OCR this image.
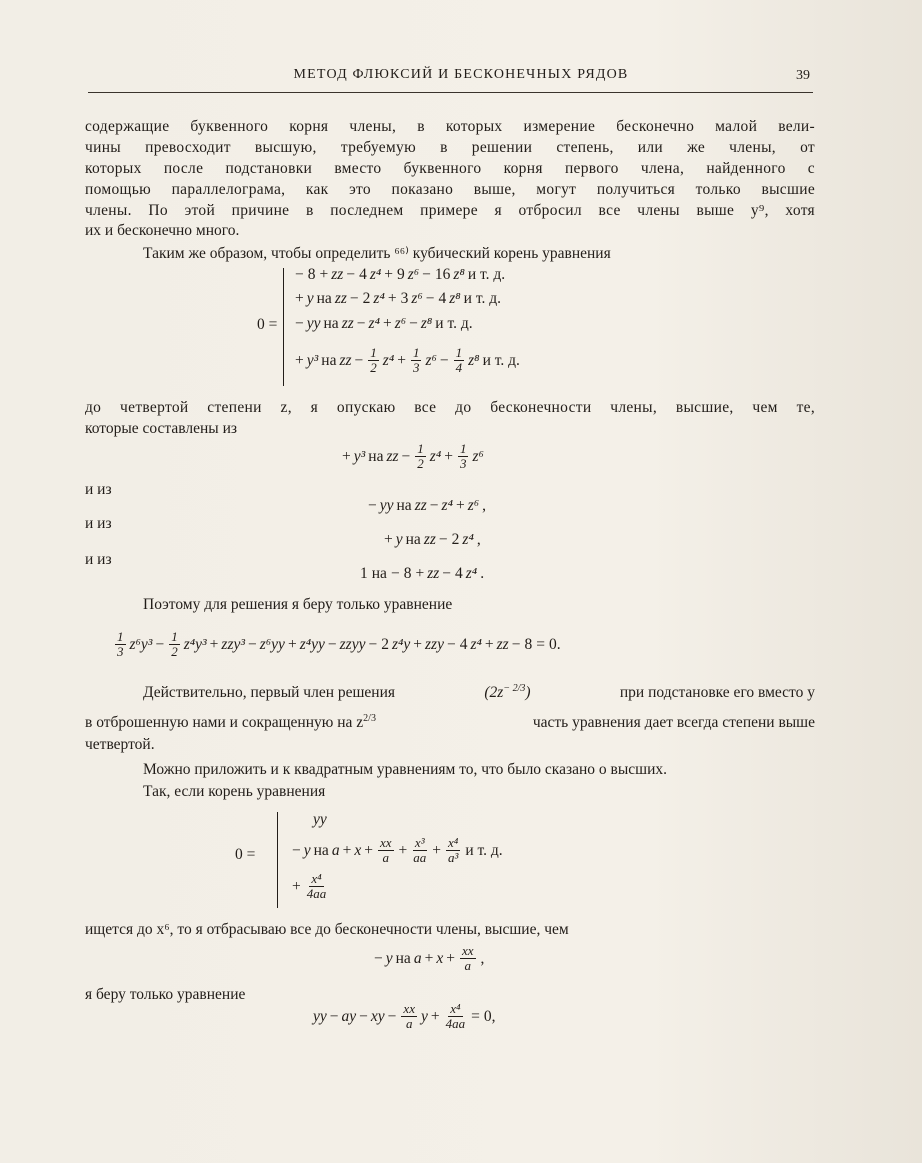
МЕТОД ФЛЮКСИЙ И БЕСКОНЕЧНЫХ РЯДОВ	39
содержащие буквенного корня члены, в которых измерение бесконечно малой вели-
чины превосходит высшую, требуемую в решении степень, или же члены, от
которых после подстановки вместо буквенного корня первого члена, найденного с
помощью параллелограма, как это показано выше, могут получиться только высшие
члены. По этой причине в последнем примере я отбросил все члены выше y⁹, хотя
их и бесконечно много.
Таким же образом, чтобы определить ⁶⁶⁾ кубический корень уравнения
0 =
− 8 + zz − 4 z⁴ + 9 z⁶ − 16 z⁸ и т. д.
+ y на zz − 2 z⁴ + 3 z⁶ − 4 z⁸ и т. д.
− yy на zz − z⁴ + z⁶ − z⁸ и т. д.
+ y³ на zz − $\frac{1}{2} z^4 + \frac{1}{3} z^6 - \frac{1}{4} z^8$ и т. д.
до четвертой степени z, я опускаю все до бесконечности члены, высшие, чем те,
которые составлены из
+ y³ на zz − $\frac{1}{2} z^4 + \frac{1}{3} z^6$
и из
− yy на zz − z⁴ + z⁶ ,
и из
+ y на zz − 2 z⁴ ,
и из
1 на − 8 + zz − 4 z⁴ .
Поэтому для решения я беру только уравнение
$\frac{1}{3} z^6y^3 - \frac{1}{2} z^4y^3 + zzy^3 - z^6yy + z^4yy$ − zzyy − 2 z⁴y + zzy − 4 z⁴ + zz − 8 = 0.
Действительно, первый член решения	$(2z^{- 2/3})$	при подстановке его вместо y
в отброшенную нами и сокращенную на $z^{2/3}$	часть уравнения дает всегда степени выше
четвертой.
Можно приложить и к квадратным уравнениям то, что было сказано о высших.
Так, если корень уравнения
0 =
yy
− y на $a + x + \frac{xx}{a} + \frac{\text{x³}}{aa} + \frac{\text{x⁴}}{\text{a³}}$ и т. д.
+ $\frac{\text{x⁴}}{4aa}$
ищется до x⁶, то я отбрасываю все до бесконечности члены, высшие, чем
− y на $a + x + \frac{xx}{a}$ ,
я беру только уравнение
yy − ay − xy − $\frac{xx}{a}$ $y + \frac{\text{x⁴}}{4aa} = 0$,
